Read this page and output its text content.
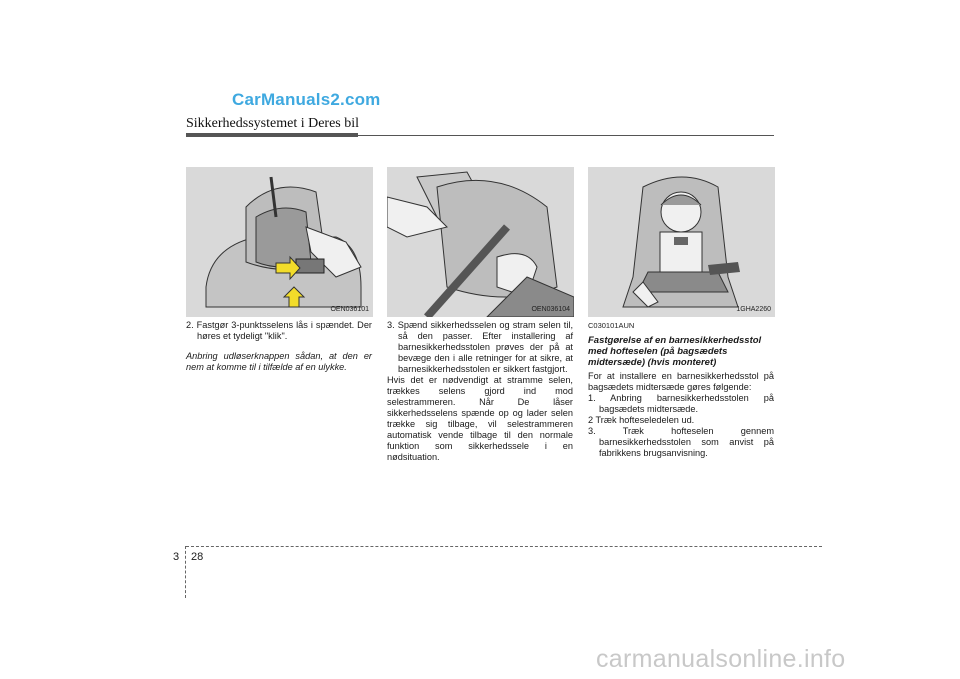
CarManuals2.com
Sikkerhedssystemet i Deres bil
OEN036101	OEN036104	1GHA2260

2. Fastgør 3-punktsselens lås i spændet. Der høres et tydeligt "klik".

Anbring udløserknappen sådan, at den er nem at komme til i tilfælde af en ulykke.

3. Spænd sikkerhedsselen og stram selen til, så den passer. Efter installering af barnesikkerhedsstolen prøves der på at bevæge den i alle retninger for at sikre, at barnesikkerhedsstolen er sikkert fastgjort.

Hvis det er nødvendigt at stramme selen, trækkes selens gjord ind mod selestrammeren. Når De låser sikkerhedsselens spænde op og lader selen trække sig tilbage, vil selestrammeren automatisk vende tilbage til den normale funktion som sikkerhedssele i en nødsituation.

C030101AUN

Fastgørelse af en barnesikkerhedsstol med hofteselen (på bagsædets midtersæde) (hvis monteret)

For at installere en barnesikkerhedsstol på bagsædets midtersæde gøres følgende:

1. Anbring barnesikkerhedsstolen på bagsædets midtersæde.

2 Træk hofteseledelen ud.

3. Træk hofteselen gennem barnesikkerhedsstolen som anvist på fabrikkens brugsanvisning.

3 28
carmanualsonline.info
